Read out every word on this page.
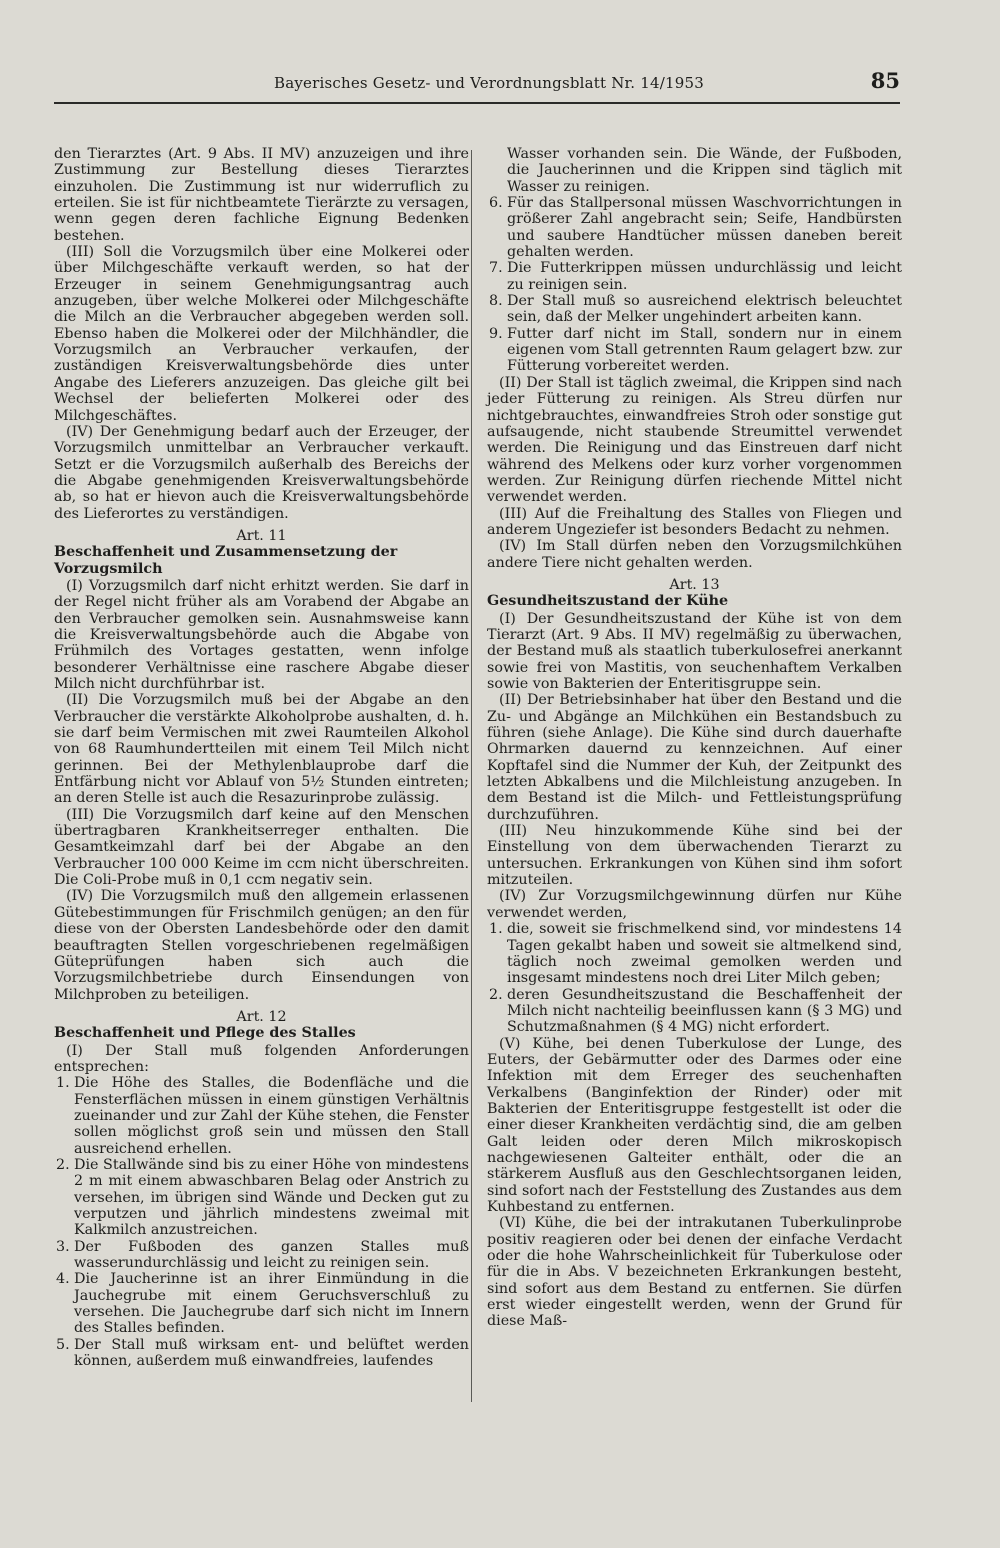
Bayerisches Gesetz- und Verordnungsblatt Nr. 14/1953	85

den Tierarztes (Art. 9 Abs. II MV) anzuzeigen und ihre Zustimmung zur Bestellung dieses Tierarztes einzuholen. Die Zustimmung ist nur widerruflich zu erteilen. Sie ist für nichtbeamtete Tierärzte zu versagen, wenn gegen deren fachliche Eignung Bedenken bestehen.

(III) Soll die Vorzugsmilch über eine Molkerei oder über Milchgeschäfte verkauft werden, so hat der Erzeuger in seinem Genehmigungsantrag auch anzugeben, über welche Molkerei oder Milchgeschäfte die Milch an die Verbraucher abgegeben werden soll. Ebenso haben die Molkerei oder der Milchhändler, die Vorzugsmilch an Verbraucher verkaufen, der zuständigen Kreisverwaltungsbehörde dies unter Angabe des Lieferers anzuzeigen. Das gleiche gilt bei Wechsel der belieferten Molkerei oder des Milchgeschäftes.

(IV) Der Genehmigung bedarf auch der Erzeuger, der Vorzugsmilch unmittelbar an Verbraucher verkauft. Setzt er die Vorzugsmilch außerhalb des Bereichs der die Abgabe genehmigenden Kreisverwaltungsbehörde ab, so hat er hievon auch die Kreisverwaltungsbehörde des Lieferortes zu verständigen.

Art. 11

Beschaffenheit und Zusammensetzung der Vorzugsmilch

(I) Vorzugsmilch darf nicht erhitzt werden. Sie darf in der Regel nicht früher als am Vorabend der Abgabe an den Verbraucher gemolken sein. Ausnahmsweise kann die Kreisverwaltungsbehörde auch die Abgabe von Frühmilch des Vortages gestatten, wenn infolge besonderer Verhältnisse eine raschere Abgabe dieser Milch nicht durchführbar ist.

(II) Die Vorzugsmilch muß bei der Abgabe an den Verbraucher die verstärkte Alkoholprobe aushalten, d. h. sie darf beim Vermischen mit zwei Raumteilen Alkohol von 68 Raumhundertteilen mit einem Teil Milch nicht gerinnen. Bei der Methylenblauprobe darf die Entfärbung nicht vor Ablauf von 5½ Stunden eintreten; an deren Stelle ist auch die Resazurinprobe zulässig.

(III) Die Vorzugsmilch darf keine auf den Menschen übertragbaren Krankheitserreger enthalten. Die Gesamtkeimzahl darf bei der Abgabe an den Verbraucher 100 000 Keime im ccm nicht überschreiten. Die Coli-Probe muß in 0,1 ccm negativ sein.

(IV) Die Vorzugsmilch muß den allgemein erlassenen Gütebestimmungen für Frischmilch genügen; an den für diese von der Obersten Landesbehörde oder den damit beauftragten Stellen vorgeschriebenen regelmäßigen Güteprüfungen haben sich auch die Vorzugsmilchbetriebe durch Einsendungen von Milchproben zu beteiligen.

Art. 12

Beschaffenheit und Pflege des Stalles

(I) Der Stall muß folgenden Anforderungen entsprechen:

1. Die Höhe des Stalles, die Bodenfläche und die Fensterflächen müssen in einem günstigen Verhältnis zueinander und zur Zahl der Kühe stehen, die Fenster sollen möglichst groß sein und müssen den Stall ausreichend erhellen.
2. Die Stallwände sind bis zu einer Höhe von mindestens 2 m mit einem abwaschbaren Belag oder Anstrich zu versehen, im übrigen sind Wände und Decken gut zu verputzen und jährlich mindestens zweimal mit Kalkmilch anzustreichen.
3. Der Fußboden des ganzen Stalles muß wasserundurchlässig und leicht zu reinigen sein.
4. Die Jaucherinne ist an ihrer Einmündung in die Jauchegrube mit einem Geruchsverschluß zu versehen. Die Jauchegrube darf sich nicht im Innern des Stalles befinden.
5. Der Stall muß wirksam ent- und belüftet werden können, außerdem muß einwandfreies, laufendes

Wasser vorhanden sein. Die Wände, der Fußboden, die Jaucherinnen und die Krippen sind täglich mit Wasser zu reinigen.

6. Für das Stallpersonal müssen Waschvorrichtungen in größerer Zahl angebracht sein; Seife, Handbürsten und saubere Handtücher müssen daneben bereit gehalten werden.
7. Die Futterkrippen müssen undurchlässig und leicht zu reinigen sein.
8. Der Stall muß so ausreichend elektrisch beleuchtet sein, daß der Melker ungehindert arbeiten kann.
9. Futter darf nicht im Stall, sondern nur in einem eigenen vom Stall getrennten Raum gelagert bzw. zur Fütterung vorbereitet werden.

(II) Der Stall ist täglich zweimal, die Krippen sind nach jeder Fütterung zu reinigen. Als Streu dürfen nur nichtgebrauchtes, einwandfreies Stroh oder sonstige gut aufsaugende, nicht staubende Streumittel verwendet werden. Die Reinigung und das Einstreuen darf nicht während des Melkens oder kurz vorher vorgenommen werden. Zur Reinigung dürfen riechende Mittel nicht verwendet werden.

(III) Auf die Freihaltung des Stalles von Fliegen und anderem Ungeziefer ist besonders Bedacht zu nehmen.

(IV) Im Stall dürfen neben den Vorzugsmilchkühen andere Tiere nicht gehalten werden.

Art. 13

Gesundheitszustand der Kühe

(I) Der Gesundheitszustand der Kühe ist von dem Tierarzt (Art. 9 Abs. II MV) regelmäßig zu überwachen, der Bestand muß als staatlich tuberkulosefrei anerkannt sowie frei von Mastitis, von seuchenhaftem Verkalben sowie von Bakterien der Enteritisgruppe sein.

(II) Der Betriebsinhaber hat über den Bestand und die Zu- und Abgänge an Milchkühen ein Bestandsbuch zu führen (siehe Anlage). Die Kühe sind durch dauerhafte Ohrmarken dauernd zu kennzeichnen. Auf einer Kopftafel sind die Nummer der Kuh, der Zeitpunkt des letzten Abkalbens und die Milchleistung anzugeben. In dem Bestand ist die Milch- und Fettleistungsprüfung durchzuführen.

(III) Neu hinzukommende Kühe sind bei der Einstellung von dem überwachenden Tierarzt zu untersuchen. Erkrankungen von Kühen sind ihm sofort mitzuteilen.

(IV) Zur Vorzugsmilchgewinnung dürfen nur Kühe verwendet werden,

1. die, soweit sie frischmelkend sind, vor mindestens 14 Tagen gekalbt haben und soweit sie altmelkend sind, täglich noch zweimal gemolken werden und insgesamt mindestens noch drei Liter Milch geben;
2. deren Gesundheitszustand die Beschaffenheit der Milch nicht nachteilig beeinflussen kann (§ 3 MG) und Schutzmaßnahmen (§ 4 MG) nicht erfordert.

(V) Kühe, bei denen Tuberkulose der Lunge, des Euters, der Gebärmutter oder des Darmes oder eine Infektion mit dem Erreger des seuchenhaften Verkalbens (Banginfektion der Rinder) oder mit Bakterien der Enteritisgruppe festgestellt ist oder die einer dieser Krankheiten verdächtig sind, die am gelben Galt leiden oder deren Milch mikroskopisch nachgewiesenen Galteiter enthält, oder die an stärkerem Ausfluß aus den Geschlechtsorganen leiden, sind sofort nach der Feststellung des Zustandes aus dem Kuhbestand zu entfernen.

(VI) Kühe, die bei der intrakutanen Tuberkulinprobe positiv reagieren oder bei denen der einfache Verdacht oder die hohe Wahrscheinlichkeit für Tuberkulose oder für die in Abs. V bezeichneten Erkrankungen besteht, sind sofort aus dem Bestand zu entfernen. Sie dürfen erst wieder eingestellt werden, wenn der Grund für diese Maß-
